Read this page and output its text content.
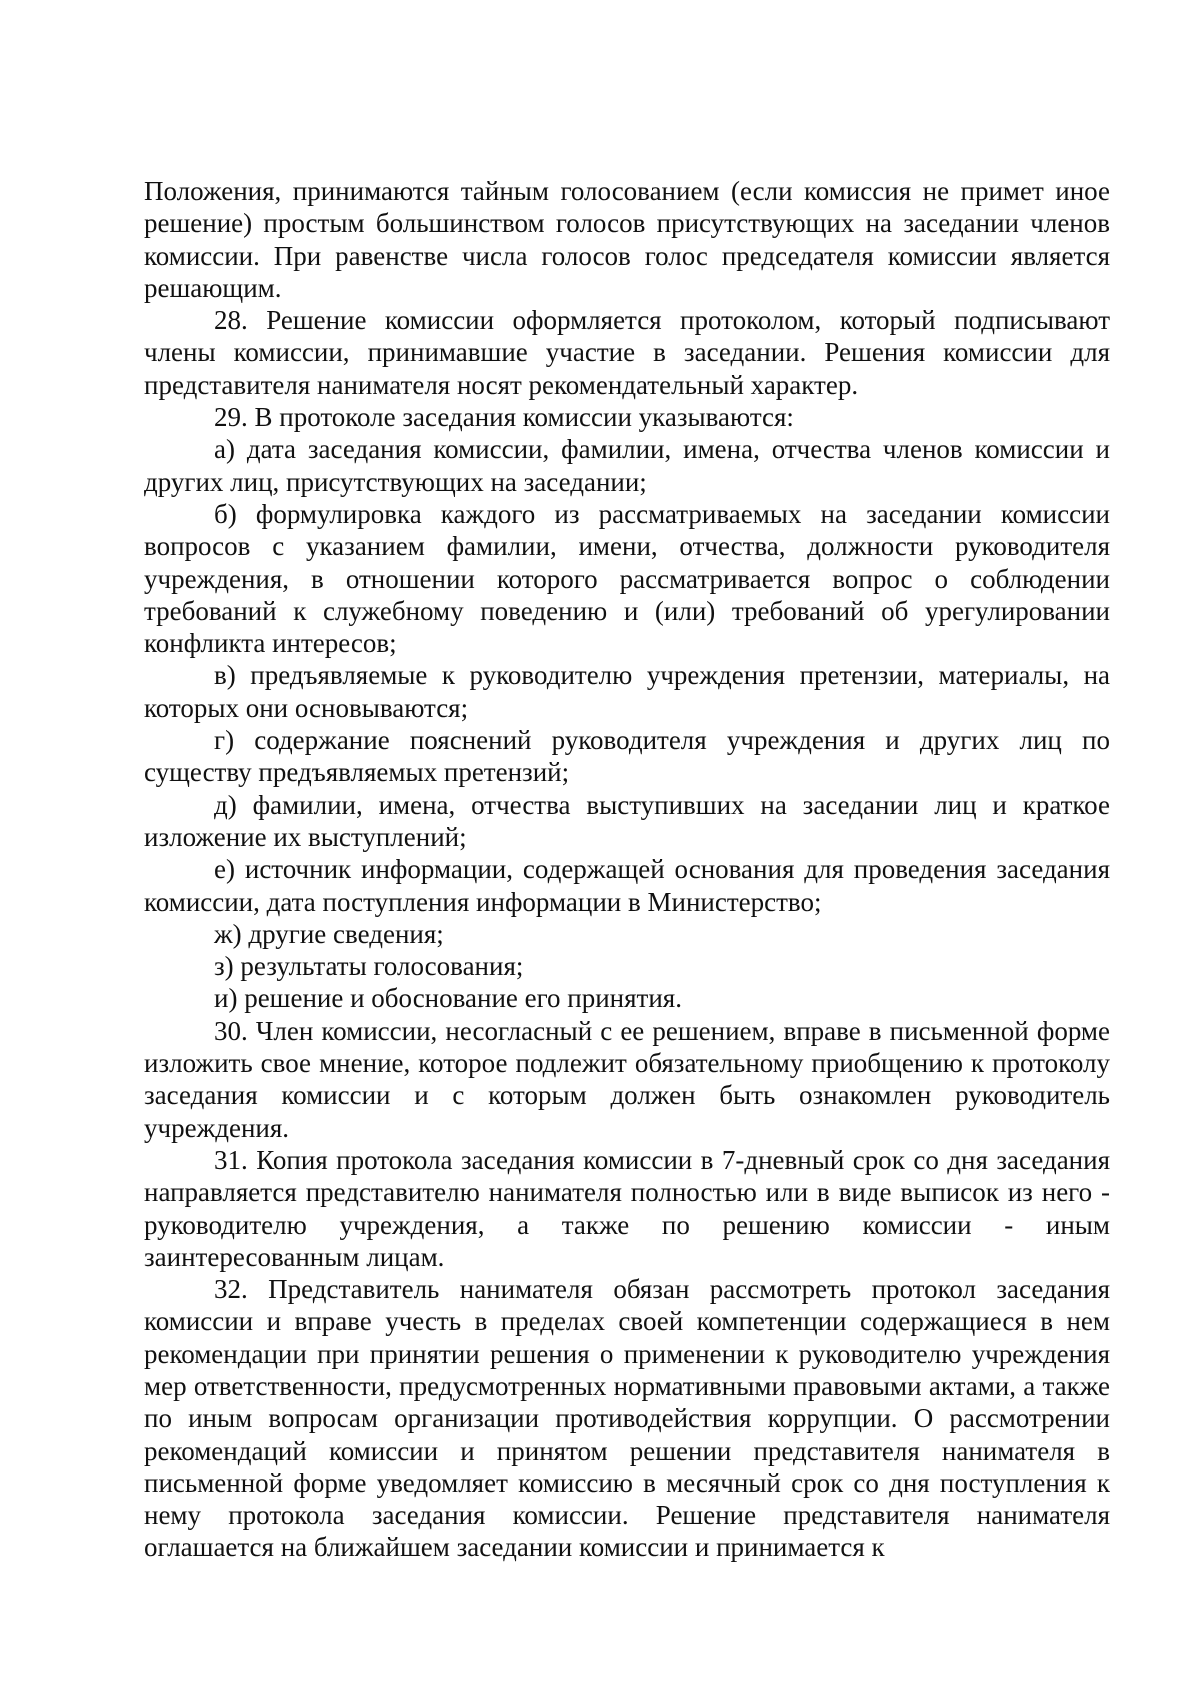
Положения, принимаются тайным голосованием (если комиссия не примет иное решение) простым большинством голосов присутствующих на заседании членов комиссии. При равенстве числа голосов голос председателя комиссии является решающим.

28. Решение комиссии оформляется протоколом, который подписывают члены комиссии, принимавшие участие в заседании. Решения комиссии для представителя нанимателя носят рекомендательный характер.

29. В протоколе заседания комиссии указываются:

а) дата заседания комиссии, фамилии, имена, отчества членов комиссии и других лиц, присутствующих на заседании;

б) формулировка каждого из рассматриваемых на заседании комиссии вопросов с указанием фамилии, имени, отчества, должности руководителя учреждения, в отношении которого рассматривается вопрос о соблюдении требований к служебному поведению и (или) требований об урегулировании конфликта интересов;

в) предъявляемые к руководителю учреждения претензии, материалы, на которых они основываются;

г) содержание пояснений руководителя учреждения и других лиц по существу предъявляемых претензий;

д) фамилии, имена, отчества выступивших на заседании лиц и краткое изложение их выступлений;

е) источник информации, содержащей основания для проведения заседания комиссии, дата поступления информации в Министерство;

ж) другие сведения;

з) результаты голосования;

и) решение и обоснование его принятия.

30. Член комиссии, несогласный с ее решением, вправе в письменной форме изложить свое мнение, которое подлежит обязательному приобщению к протоколу заседания комиссии и с которым должен быть ознакомлен руководитель учреждения.

31. Копия протокола заседания комиссии в 7-дневный срок со дня заседания направляется представителю нанимателя полностью или в виде выписок из него - руководителю учреждения, а также по решению комиссии - иным заинтересованным лицам.

32. Представитель нанимателя обязан рассмотреть протокол заседания комиссии и вправе учесть в пределах своей компетенции содержащиеся в нем рекомендации при принятии решения о применении к руководителю учреждения мер ответственности, предусмотренных нормативными правовыми актами, а также по иным вопросам организации противодействия коррупции. О рассмотрении рекомендаций комиссии и принятом решении представителя нанимателя в письменной форме уведомляет комиссию в месячный срок со дня поступления к нему протокола заседания комиссии. Решение представителя нанимателя оглашается на ближайшем заседании комиссии и принимается к
